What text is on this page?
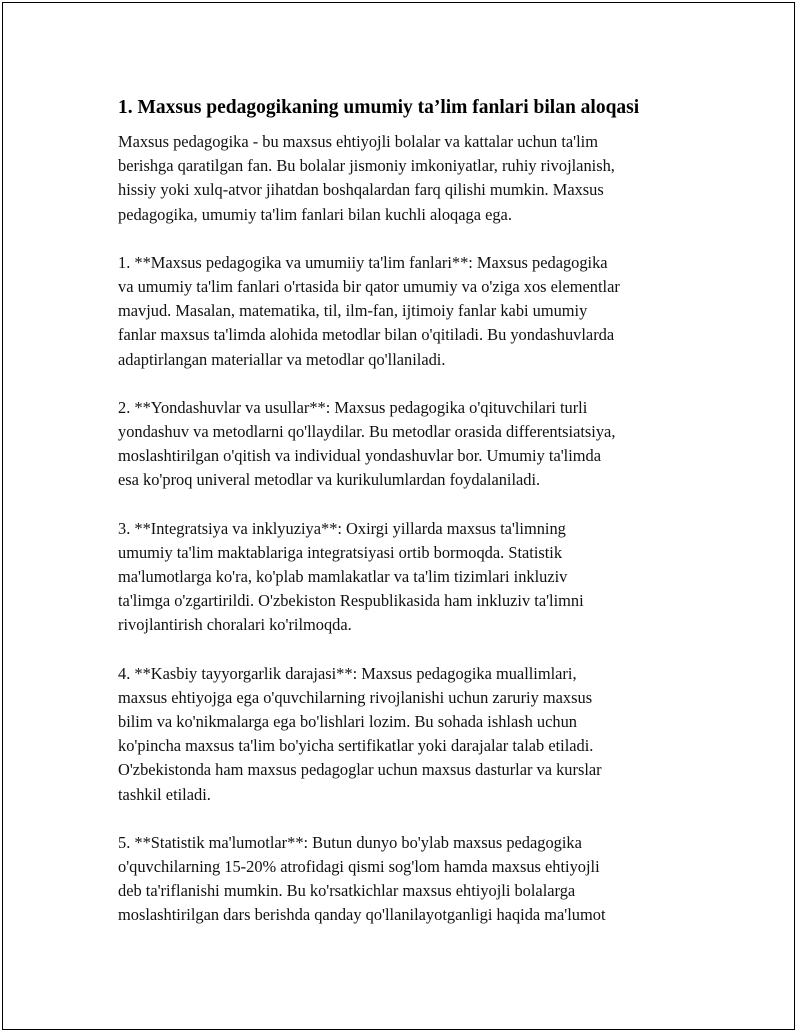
1. Maxsus pedagogikaning umumiy ta’lim fanlari bilan aloqasi
Maxsus pedagogika - bu maxsus ehtiyojli bolalar va kattalar uchun ta'lim
berishga qaratilgan fan. Bu bolalar jismoniy imkoniyatlar, ruhiy rivojlanish,
hissiy yoki xulq-atvor jihatdan boshqalardan farq qilishi mumkin. Maxsus
pedagogika, umumiy ta'lim fanlari bilan kuchli aloqaga ega.
1. **Maxsus pedagogika va umumiiy ta'lim fanlari**: Maxsus pedagogika
va umumiy ta'lim fanlari o'rtasida bir qator umumiy va o'ziga xos elementlar
mavjud. Masalan, matematika, til, ilm-fan, ijtimoiy fanlar kabi umumiy
fanlar maxsus ta'limda alohida metodlar bilan o'qitiladi. Bu yondashuvlarda
adaptirlangan materiallar va metodlar qo'llaniladi.
2. **Yondashuvlar va usullar**: Maxsus pedagogika o'qituvchilari turli
yondashuv va metodlarni qo'llaydilar. Bu metodlar orasida differentsiatsiya,
moslashtirilgan o'qitish va individual yondashuvlar bor. Umumiy ta'limda
esa ko'proq univeral metodlar va kurikulumlardan foydalaniladi.
3. **Integratsiya va inklyuziya**: Oxirgi yillarda maxsus ta'limning
umumiy ta'lim maktablariga integratsiyasi ortib bormoqda. Statistik
ma'lumotlarga ko'ra, ko'plab mamlakatlar va ta'lim tizimlari inkluziv
ta'limga o'zgartirildi. O'zbekiston Respublikasida ham inkluziv ta'limni
rivojlantirish choralari ko'rilmoqda.
4. **Kasbiy tayyorgarlik darajasi**: Maxsus pedagogika muallimlari,
maxsus ehtiyojga ega o'quvchilarning rivojlanishi uchun zaruriy maxsus
bilim va ko'nikmalarga ega bo'lishlari lozim. Bu sohada ishlash uchun
ko'pincha maxsus ta'lim bo'yicha sertifikatlar yoki darajalar talab etiladi.
O'zbekistonda ham maxsus pedagoglar uchun maxsus dasturlar va kurslar
tashkil etiladi.
5. **Statistik ma'lumotlar**: Butun dunyo bo'ylab maxsus pedagogika
o'quvchilarning 15-20% atrofidagi qismi sog'lom hamda maxsus ehtiyojli
deb ta'riflanishi mumkin. Bu ko'rsatkichlar maxsus ehtiyojli bolalarga
moslashtirilgan dars berishda qanday qo'llanilayotganligi haqida ma'lumot
